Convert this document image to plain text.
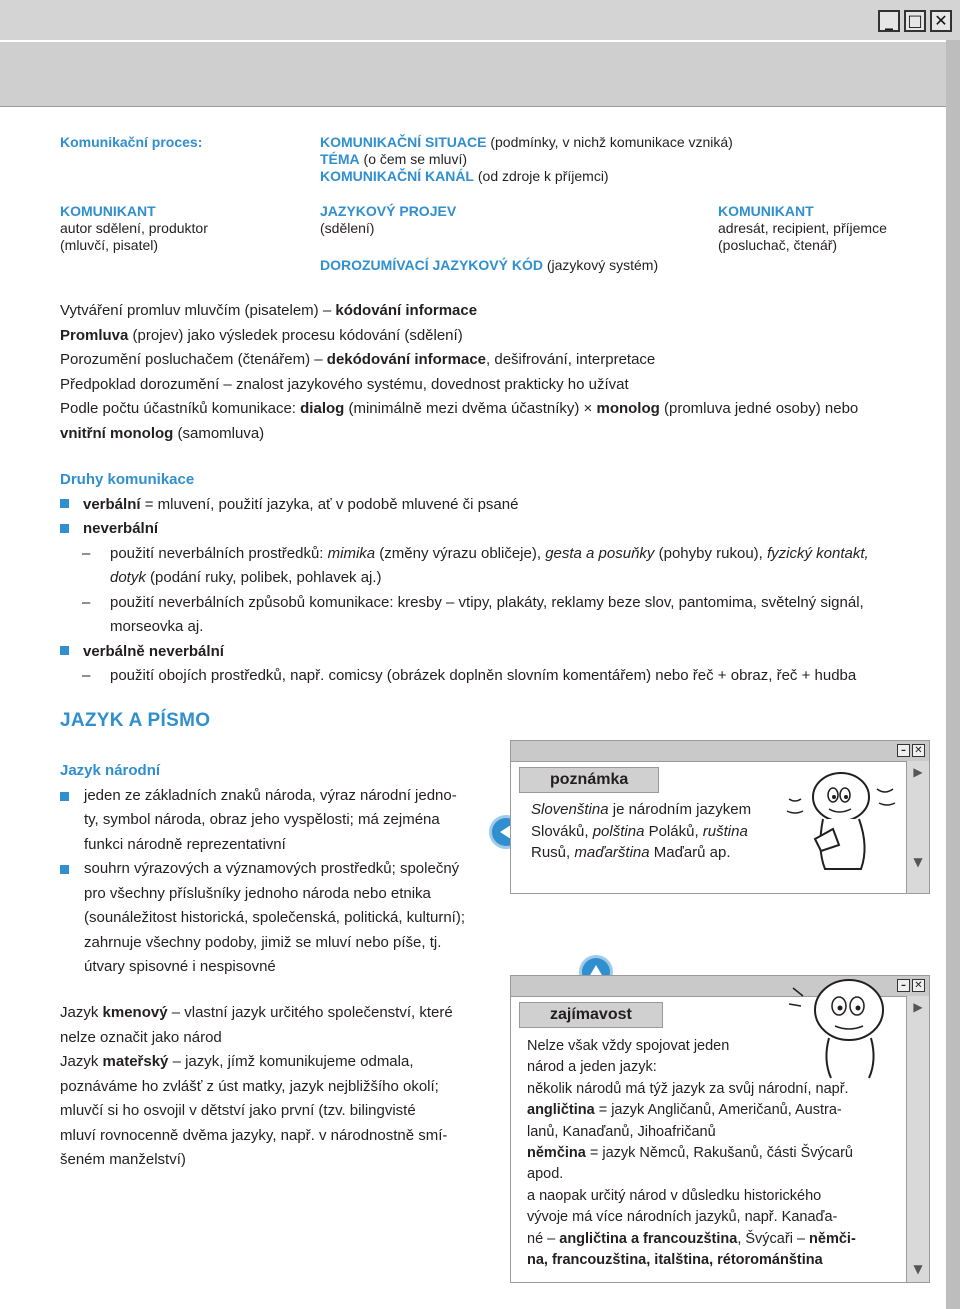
_ □ ✕
Komunikační proces:	KOMUNIKAČNÍ SITUACE (podmínky, v nichž komunikace vzniká)
TÉMA (o čem se mluví)
KOMUNIKAČNÍ KANÁL (od zdroje k příjemci)
KOMUNIKANT
autor sdělení, produktor
(mluvčí, pisatel)
JAZYKOVÝ PROJEV
(sdělení)
DOROZUMÍVACÍ JAZYKOVÝ KÓD (jazykový systém)
KOMUNIKANT
adresát, recipient, příjemce
(posluchač, čtenář)
Vytváření promluv mluvčím (pisatelem) – kódování informace
Promluva (projev) jako výsledek procesu kódování (sdělení)
Porozumění posluchačem (čtenářem) – dekódování informace, dešifrování, interpretace
Předpoklad dorozumění – znalost jazykového systému, dovednost prakticky ho užívat
Podle počtu účastníků komunikace: dialog (minimálně mezi dvěma účastníky) × monolog (promluva jedné osoby) nebo
vnitřní monolog (samomluva)
Druhy komunikace
verbální = mluvení, použití jazyka, ať v podobě mluvené či psané
neverbální
– použití neverbálních prostředků: mimika (změny výrazu obličeje), gesta a posuňky (pohyby rukou), fyzický kontakt,
dotyk (podání ruky, polibek, pohlavek aj.)
– použití neverbálních způsobů komunikace: kresby – vtipy, plakáty, reklamy beze slov, pantomima, světelný signál,
morseovka aj.
verbálně neverbální
– použití obojích prostředků, např. comicsy (obrázek doplněn slovním komentářem) nebo řeč + obraz, řeč + hudba
JAZYK A PÍSMO
Jazyk národní
jeden ze základních znaků národa, výraz národní jedno-
ty, symbol národa, obraz jeho vyspělosti; má zejména
funkci národně reprezentativní
souhrn výrazových a významových prostředků; společný
pro všechny příslušníky jednoho národa nebo etnika
(sounáležitost historická, společenská, politická, kulturní);
zahrnuje všechny podoby, jimiž se mluví nebo píše, tj.
útvary spisovné i nespisovné
Jazyk kmenový – vlastní jazyk určitého společenství, které
nelze označit jako národ
Jazyk mateřský – jazyk, jímž komunikujeme odmala,
poznáváme ho zvlášť z úst matky, jazyk nejbližšího okolí;
mluvčí si ho osvojil v dětství jako první (tzv. bilingvisté
mluví rovnocenně dvěma jazyky, např. v národnostně smí-
šeném manželství)
– ✕
poznámka	▶
▼
Slovenština je národním jazykem
Slováků, polština Poláků, ruština
Rusů, maďarština Maďarů ap.
– ✕
zajímavost	▶
▼
Nelze však vždy spojovat jeden
národ a jeden jazyk:
několik národů má týž jazyk za svůj národní, např.
angličtina = jazyk Angličanů, Američanů, Austra-
lanů, Kanaďanů, Jihoafričanů
němčina = jazyk Němců, Rakušanů, části Švýcarů
apod.
a naopak určitý národ v důsledku historického
vývoje má více národních jazyků, např. Kanaďa-
né – angličtina a francouzština, Švýcaři – němči-
na, francouzština, italština, rétorománština
